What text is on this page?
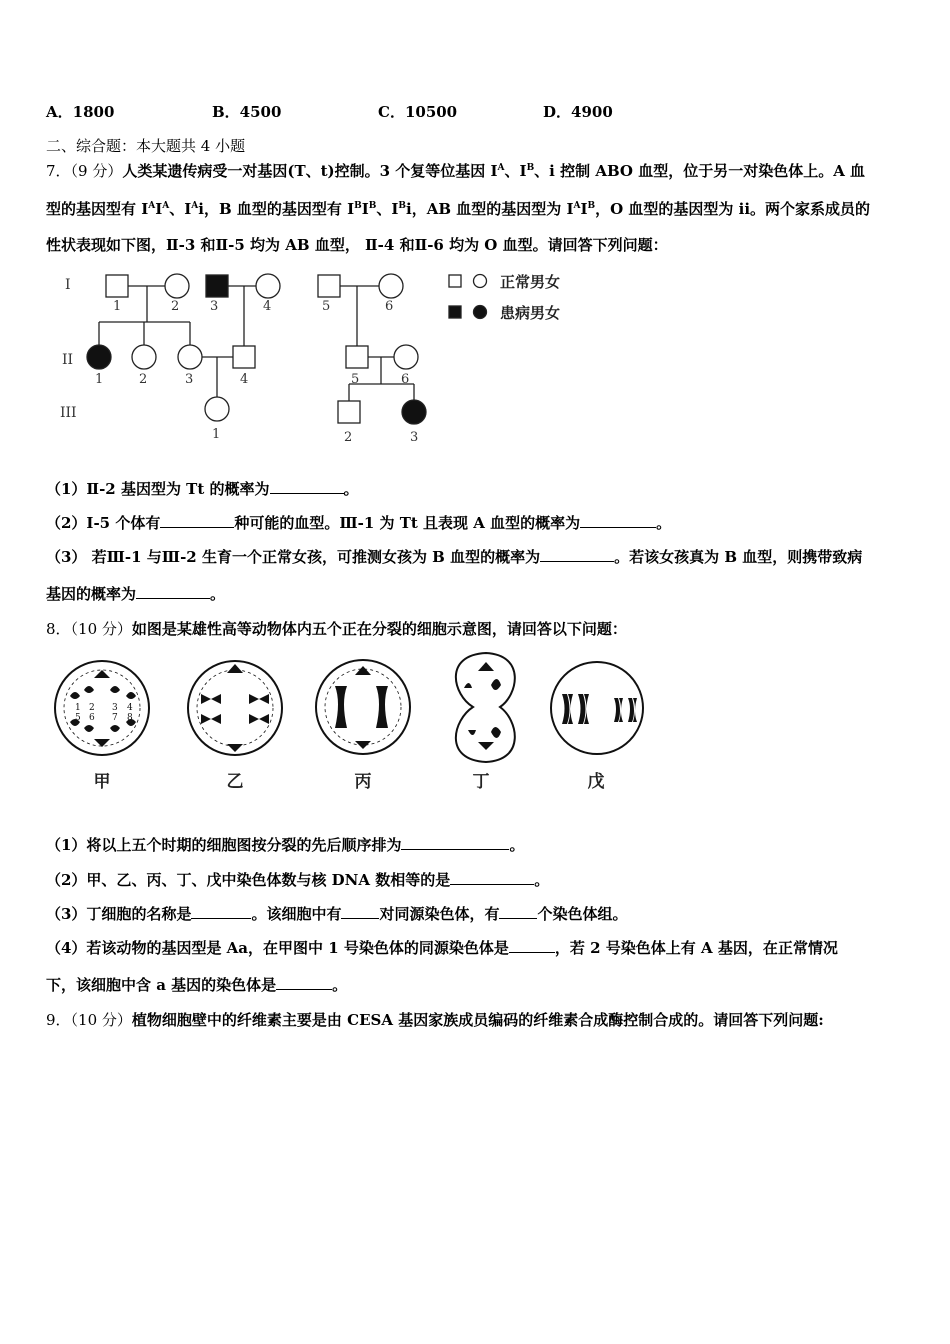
A．1800	B．4500	C．10500	D．4900
二、综合题：本大题共 4 小题
7．（9 分）人类某遗传病受一对基因(T、t)控制。3 个复等位基因 $I^A$、$I^B$、i 控制 ABO 血型，位于另一对染色体上。A 血
型的基因型有 $I^AI^A$、$I^Ai$，B 血型的基因型有 $I^BI^B$、$I^Bi$，AB 血型的基因型为 $I^AI^B$，O 血型的基因型为 ii。两个家系成员的
性状表现如下图，Ⅱ-3 和Ⅱ-5 均为 AB 血型， Ⅱ-4 和Ⅱ-6 均为 O 血型。请回答下列问题：
I
II
III
1	2 3	4	5	6
1	2	3	4	5	6
1	2	3
正常男女
患病男女
（1）Ⅱ-2 基因型为 Tt 的概率为	。
（2）Ⅰ-5 个体有	种可能的血型。Ⅲ-1 为 Tt 且表现 A 血型的概率为	。
（3） 若Ⅲ-1 与Ⅲ-2 生育一个正常女孩，可推测女孩为 B 血型的概率为	。若该女孩真为 B 血型，则携带致病
基因的概率为	。
8．（10 分）如图是某雄性高等动物体内五个正在分裂的细胞示意图，请回答以下问题：
1 2 3 4
5 6 7 8
甲	乙	丙	丁	戊
（1）将以上五个时期的细胞图按分裂的先后顺序排为	。
（2）甲、乙、丙、丁、戊中染色体数与核 DNA 数相等的是	。
（3）丁细胞的名称是	。该细胞中有	对同源染色体，有	个染色体组。
（4）若该动物的基因型是 Aa，在甲图中 1 号染色体的同源染色体是	，若 2 号染色体上有 A 基因，在正常情况
下，该细胞中含 a 基因的染色体是	。
9．（10 分）植物细胞壁中的纤维素主要是由 CESA 基因家族成员编码的纤维素合成酶控制合成的。请回答下列问题:
